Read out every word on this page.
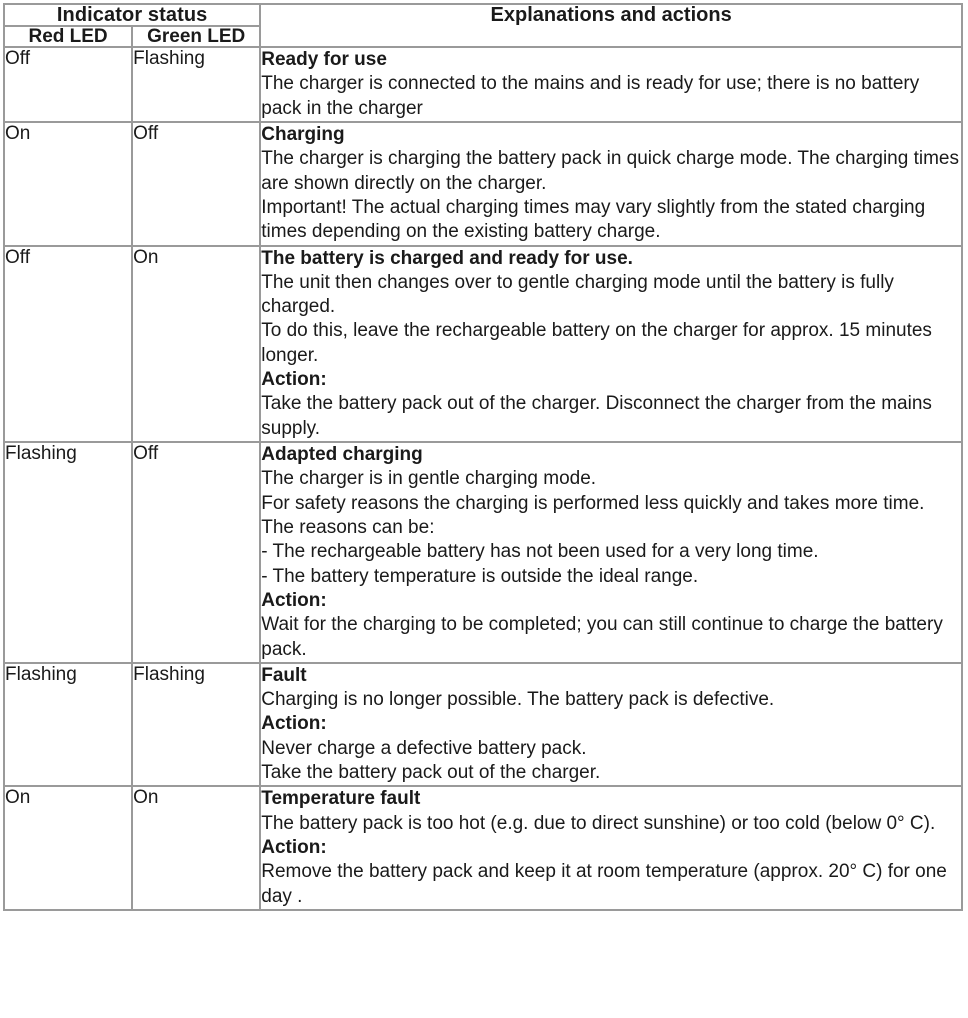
Indicator status		Explanations and actions
Red LED	Green LED	
Off	Flashing	Ready for use
The charger is connected to the mains and is ready for use; there is no battery pack in the charger

On	Off	Charging
The charger is charging the battery pack in quick charge mode. The charging times are shown directly on the charger.
Important! The actual charging times may vary slightly from the stated charging times depending on the existing battery charge.

Off	On	The battery is charged and ready for use.
The unit then changes over to gentle charging mode until the battery is fully charged.
To do this, leave the rechargeable battery on the charger for approx. 15 minutes longer.
Action:
Take the battery pack out of the charger. Disconnect the charger from the mains supply.

Flashing	Off	Adapted charging
The charger is in gentle charging mode.
For safety reasons the charging is performed less quickly and takes more time. The reasons can be:
- The rechargeable battery has not been used for a very long time.
- The battery temperature is outside the ideal range.
Action:
Wait for the charging to be completed; you can still continue to charge the battery pack.

Flashing	Flashing	Fault
Charging is no longer possible. The battery pack is defective.
Action:
Never charge a defective battery pack.
Take the battery pack out of the charger.

On	On	Temperature fault
The battery pack is too hot (e.g. due to direct sunshine) or too cold (below 0° C).
Action:
Remove the battery pack and keep it at room temperature (approx. 20° C) for one day .
